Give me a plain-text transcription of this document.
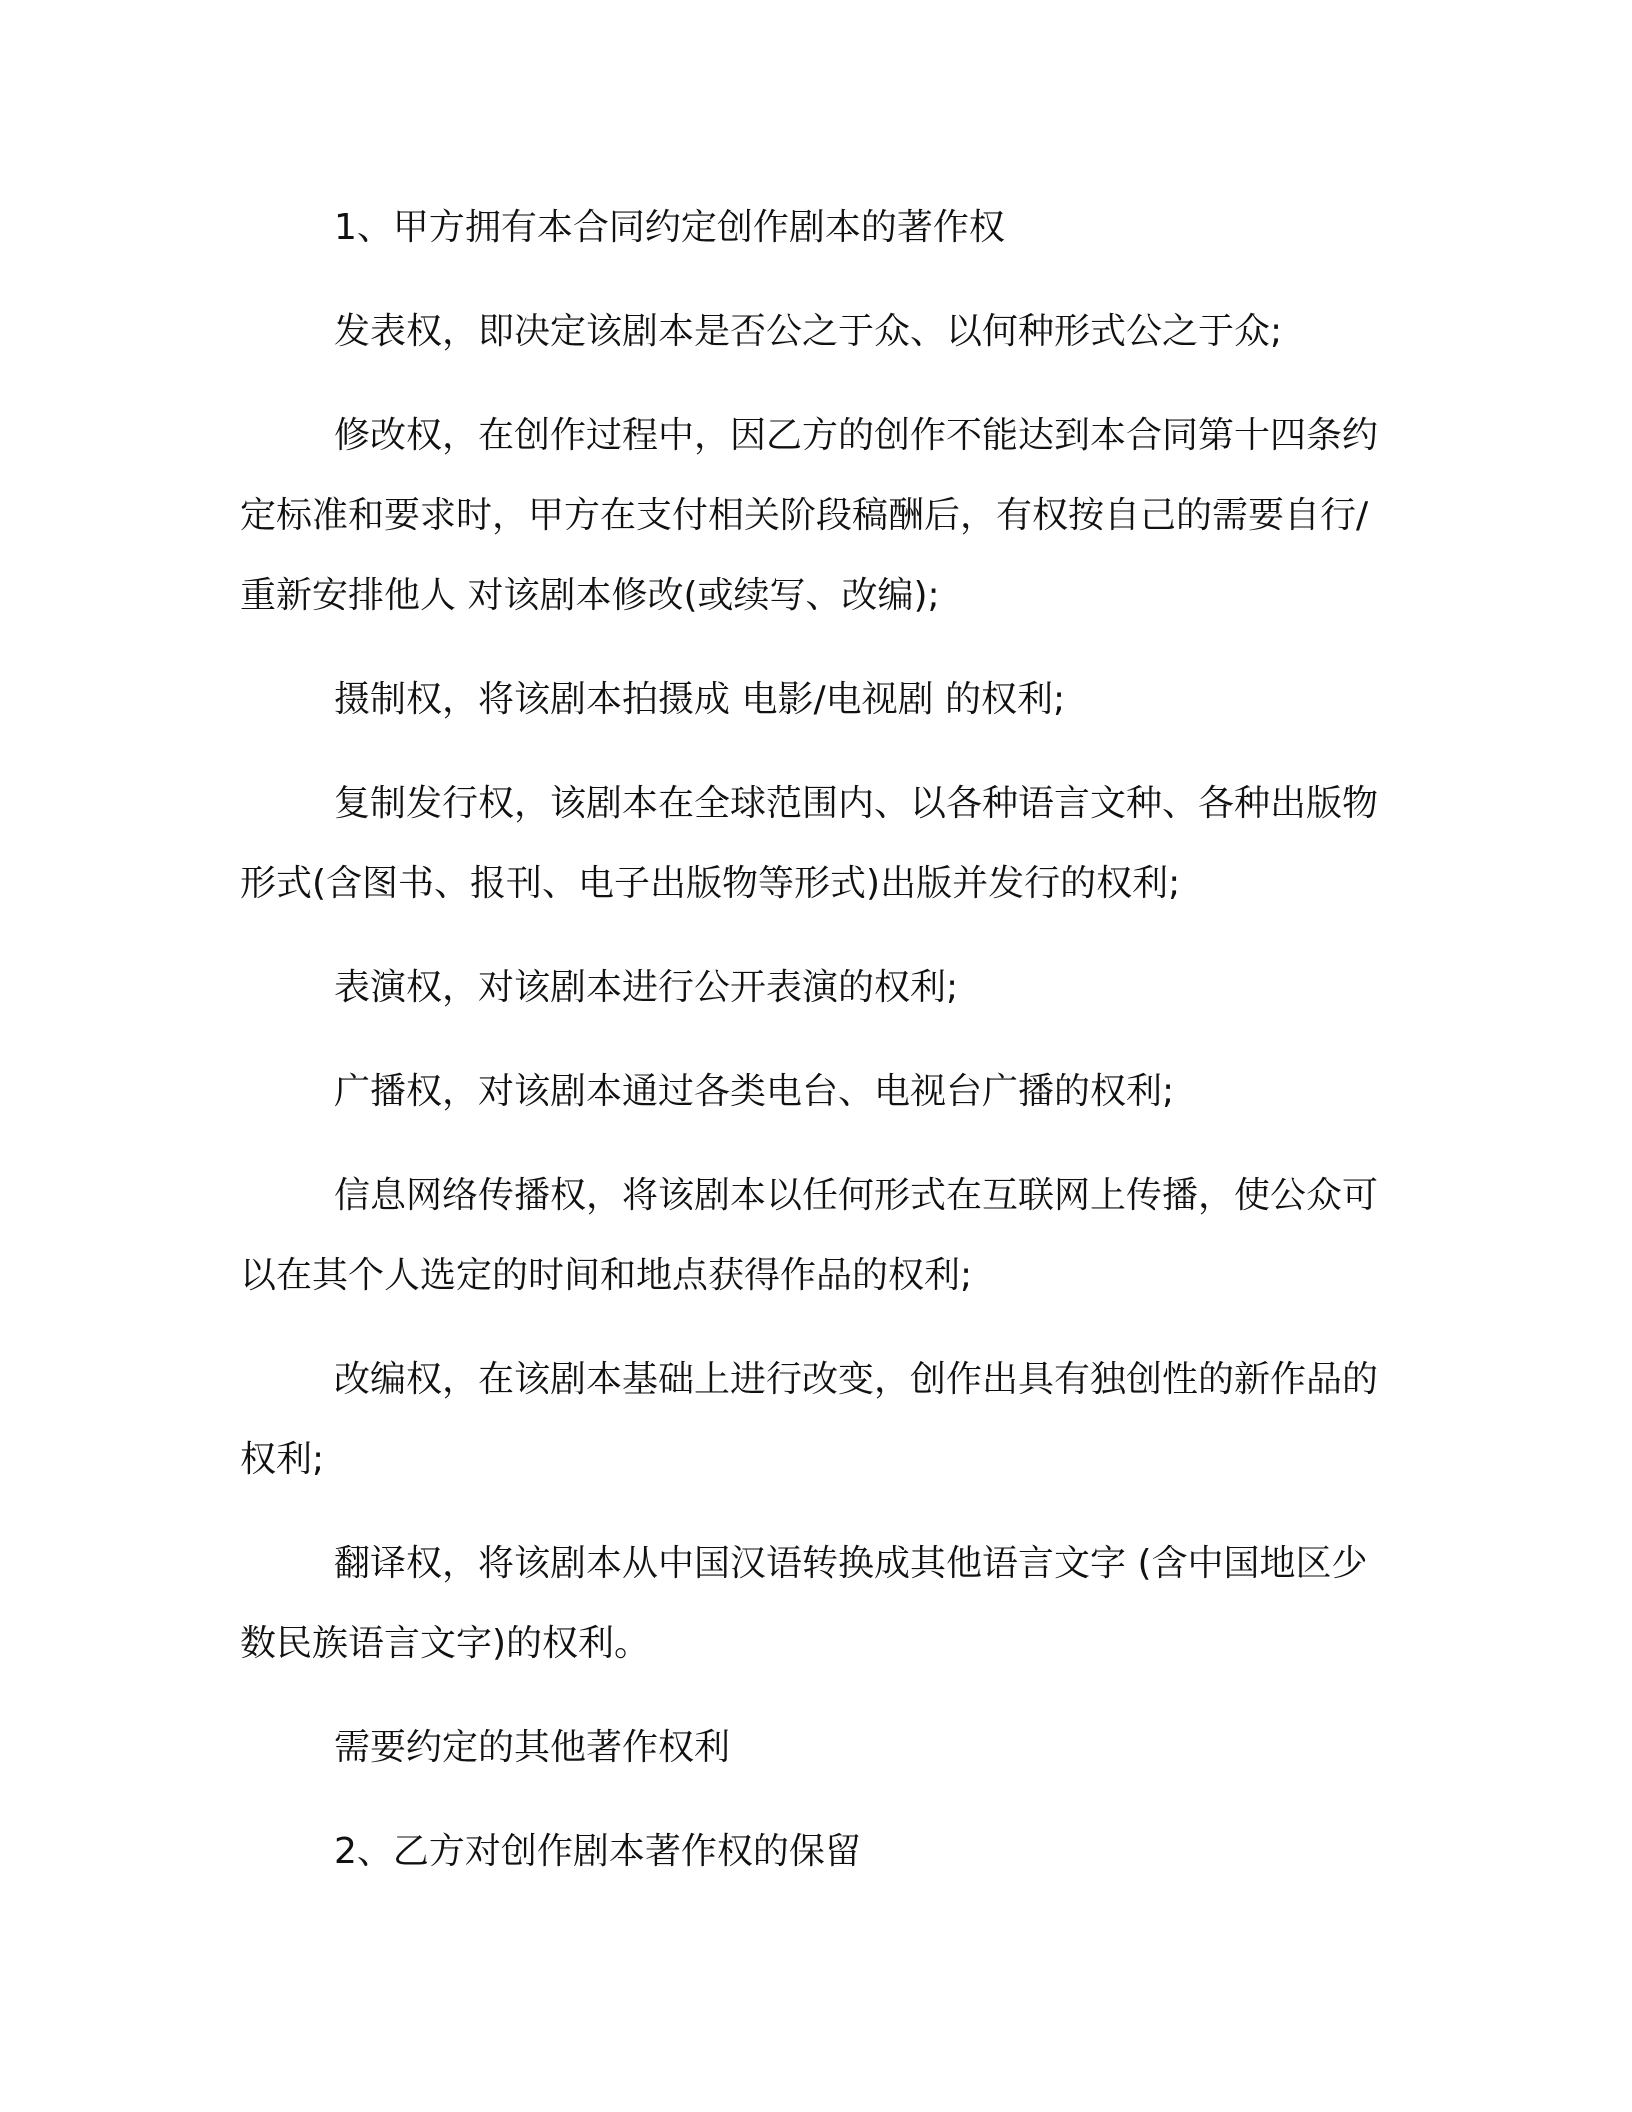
1、甲方拥有本合同约定创作剧本的著作权

发表权，即决定该剧本是否公之于众、以何种形式公之于众;

修改权，在创作过程中，因乙方的创作不能达到本合同第十四条约定标准和要求时，甲方在支付相关阶段稿酬后，有权按自己的需要自行/重新安排他人 对该剧本修改(或续写、改编);

摄制权，将该剧本拍摄成 电影/电视剧 的权利;

复制发行权，该剧本在全球范围内、以各种语言文种、各种出版物形式(含图书、报刊、电子出版物等形式)出版并发行的权利;

表演权，对该剧本进行公开表演的权利;

广播权，对该剧本通过各类电台、电视台广播的权利;

信息网络传播权，将该剧本以任何形式在互联网上传播，使公众可以在其个人选定的时间和地点获得作品的权利;

改编权，在该剧本基础上进行改变，创作出具有独创性的新作品的权利;

翻译权，将该剧本从中国汉语转换成其他语言文字 (含中国地区少数民族语言文字)的权利。

需要约定的其他著作权利

2、乙方对创作剧本著作权的保留
